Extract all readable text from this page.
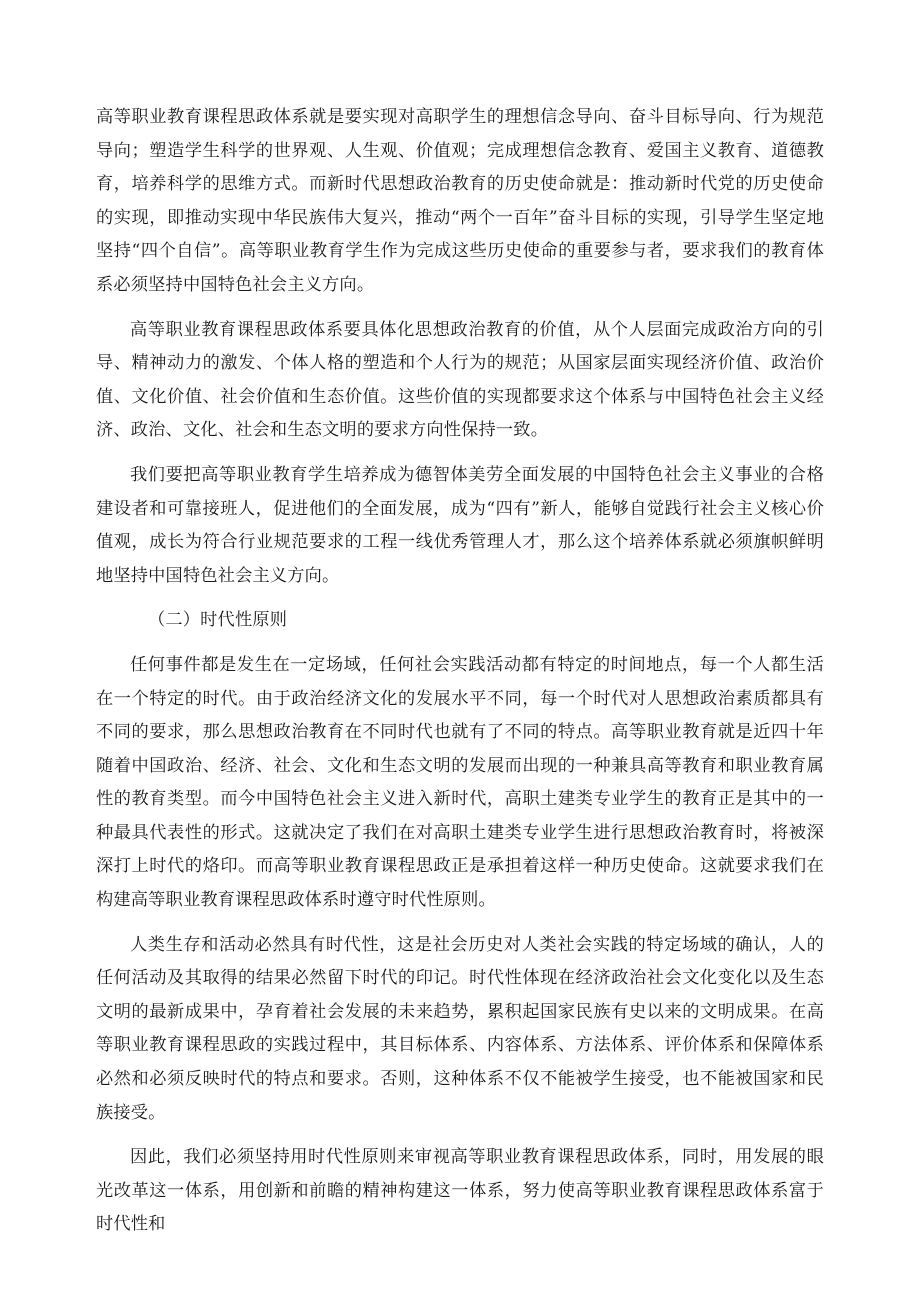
高等职业教育课程思政体系就是要实现对高职学生的理想信念导向、奋斗目标导向、行为规范导向；塑造学生科学的世界观、人生观、价值观；完成理想信念教育、爱国主义教育、道德教育，培养科学的思维方式。而新时代思想政治教育的历史使命就是：推动新时代党的历史使命的实现，即推动实现中华民族伟大复兴，推动“两个一百年”奋斗目标的实现，引导学生坚定地坚持“四个自信”。高等职业教育学生作为完成这些历史使命的重要参与者，要求我们的教育体系必须坚持中国特色社会主义方向。

高等职业教育课程思政体系要具体化思想政治教育的价值，从个人层面完成政治方向的引导、精神动力的激发、个体人格的塑造和个人行为的规范；从国家层面实现经济价值、政治价值、文化价值、社会价值和生态价值。这些价值的实现都要求这个体系与中国特色社会主义经济、政治、文化、社会和生态文明的要求方向性保持一致。

我们要把高等职业教育学生培养成为德智体美劳全面发展的中国特色社会主义事业的合格建设者和可靠接班人，促进他们的全面发展，成为“四有”新人，能够自觉践行社会主义核心价值观，成长为符合行业规范要求的工程一线优秀管理人才，那么这个培养体系就必须旗帜鲜明地坚持中国特色社会主义方向。

（二）时代性原则

任何事件都是发生在一定场域，任何社会实践活动都有特定的时间地点，每一个人都生活在一个特定的时代。由于政治经济文化的发展水平不同，每一个时代对人思想政治素质都具有不同的要求，那么思想政治教育在不同时代也就有了不同的特点。高等职业教育就是近四十年随着中国政治、经济、社会、文化和生态文明的发展而出现的一种兼具高等教育和职业教育属性的教育类型。而今中国特色社会主义进入新时代，高职土建类专业学生的教育正是其中的一种最具代表性的形式。这就决定了我们在对高职土建类专业学生进行思想政治教育时，将被深深打上时代的烙印。而高等职业教育课程思政正是承担着这样一种历史使命。这就要求我们在构建高等职业教育课程思政体系时遵守时代性原则。

人类生存和活动必然具有时代性，这是社会历史对人类社会实践的特定场域的确认，人的任何活动及其取得的结果必然留下时代的印记。时代性体现在经济政治社会文化变化以及生态文明的最新成果中，孕育着社会发展的未来趋势，累积起国家民族有史以来的文明成果。在高等职业教育课程思政的实践过程中，其目标体系、内容体系、方法体系、评价体系和保障体系必然和必须反映时代的特点和要求。否则，这种体系不仅不能被学生接受，也不能被国家和民族接受。

因此，我们必须坚持用时代性原则来审视高等职业教育课程思政体系，同时，用发展的眼光改革这一体系，用创新和前瞻的精神构建这一体系，努力使高等职业教育课程思政体系富于时代性和
